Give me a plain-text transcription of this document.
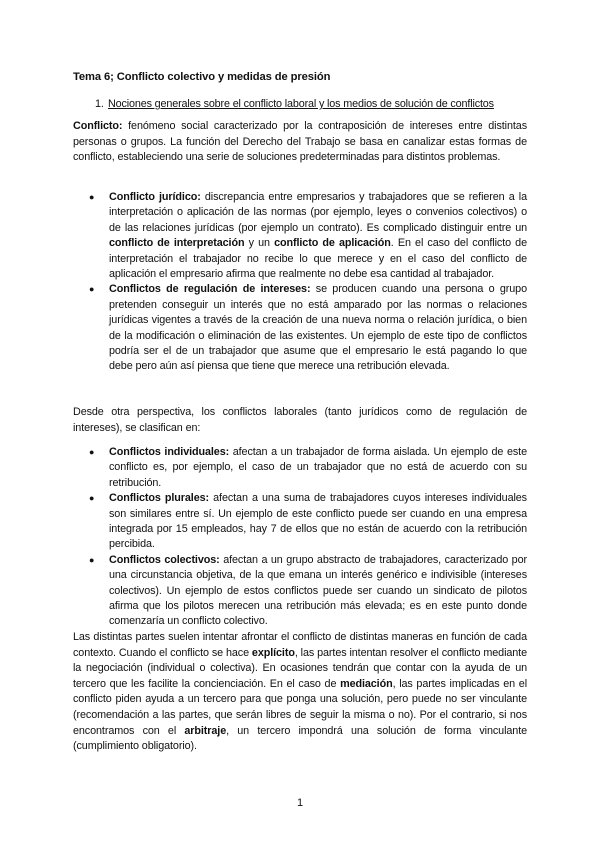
Tema 6; Conflicto colectivo y medidas de presión
1. Nociones generales sobre el conflicto laboral y los medios de solución de conflictos

Conflicto: fenómeno social caracterizado por la contraposición de intereses entre distintas personas o grupos. La función del Derecho del Trabajo se basa en canalizar estas formas de conflicto, estableciendo una serie de soluciones predeterminadas para distintos problemas.

● Conflicto jurídico: discrepancia entre empresarios y trabajadores que se refieren a la interpretación o aplicación de las normas (por ejemplo, leyes o convenios colectivos) o de las relaciones jurídicas (por ejemplo un contrato). Es complicado distinguir entre un conflicto de interpretación y un conflicto de aplicación. En el caso del conflicto de interpretación el trabajador no recibe lo que merece y en el caso del conflicto de aplicación el empresario afirma que realmente no debe esa cantidad al trabajador.
● Conflictos de regulación de intereses: se producen cuando una persona o grupo pretenden conseguir un interés que no está amparado por las normas o relaciones jurídicas vigentes a través de la creación de una nueva norma o relación jurídica, o bien de la modificación o eliminación de las existentes. Un ejemplo de este tipo de conflictos podría ser el de un trabajador que asume que el empresario le está pagando lo que debe pero aún así piensa que tiene que merece una retribución elevada.

Desde otra perspectiva, los conflictos laborales (tanto jurídicos como de regulación de intereses), se clasifican en:

● Conflictos individuales: afectan a un trabajador de forma aislada. Un ejemplo de este conflicto es, por ejemplo, el caso de un trabajador que no está de acuerdo con su retribución.
● Conflictos plurales: afectan a una suma de trabajadores cuyos intereses individuales son similares entre sí. Un ejemplo de este conflicto puede ser cuando en una empresa integrada por 15 empleados, hay 7 de ellos que no están de acuerdo con la retribución percibida.
● Conflictos colectivos: afectan a un grupo abstracto de trabajadores, caracterizado por una circunstancia objetiva, de la que emana un interés genérico e indivisible (intereses colectivos). Un ejemplo de estos conflictos puede ser cuando un sindicato de pilotos afirma que los pilotos merecen una retribución más elevada; es en este punto donde comenzaría un conflicto colectivo.

Las distintas partes suelen intentar afrontar el conflicto de distintas maneras en función de cada contexto. Cuando el conflicto se hace explícito, las partes intentan resolver el conflicto mediante la negociación (individual o colectiva). En ocasiones tendrán que contar con la ayuda de un tercero que les facilite la concienciación. En el caso de mediación, las partes implicadas en el conflicto piden ayuda a un tercero para que ponga una solución, pero puede no ser vinculante (recomendación a las partes, que serán libres de seguir la misma o no). Por el contrario, si nos encontramos con el arbitraje, un tercero impondrá una solución de forma vinculante (cumplimiento obligatorio).

1
